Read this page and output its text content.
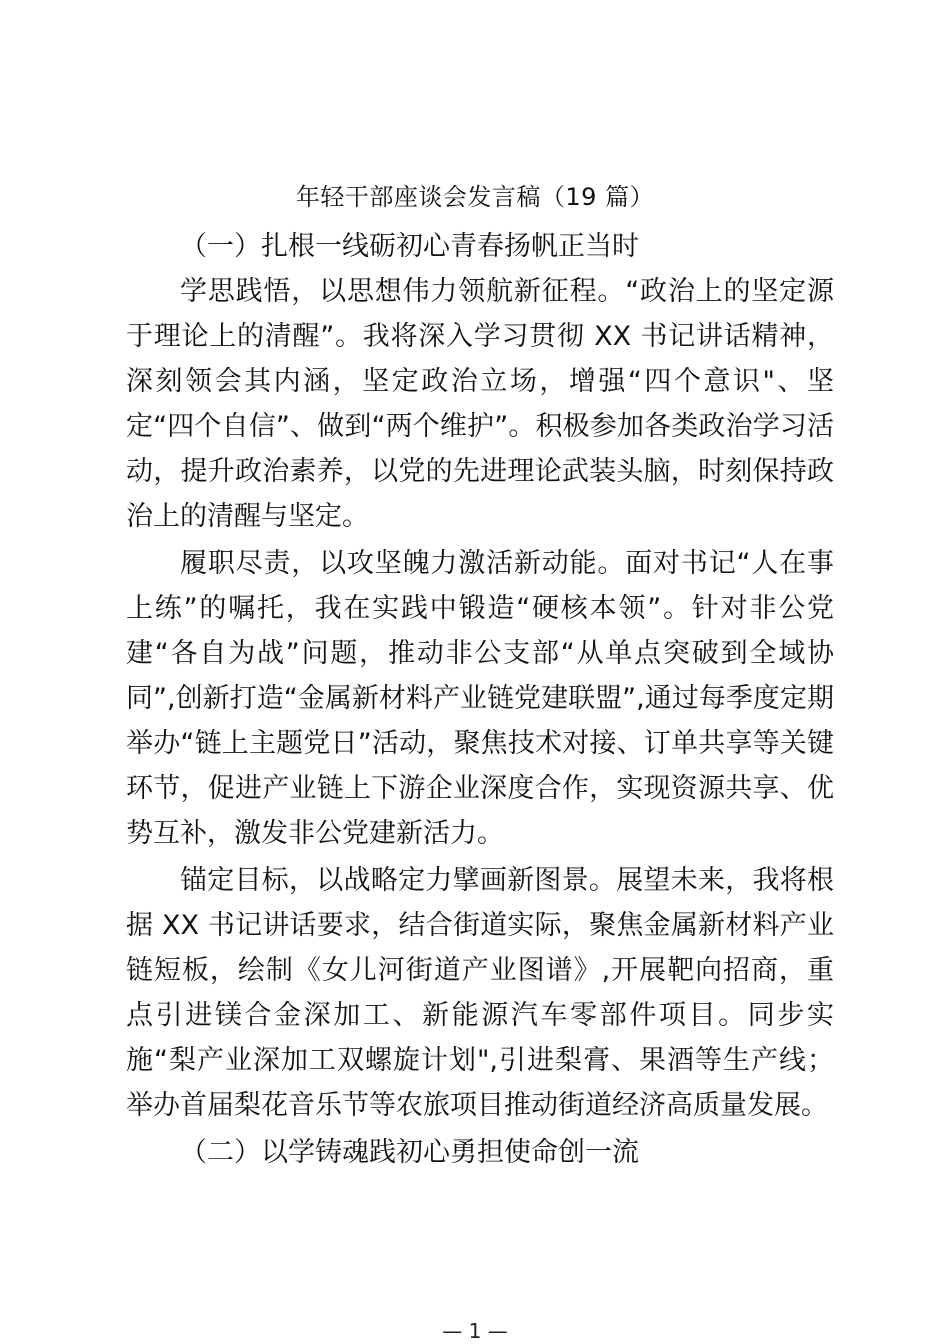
年轻干部座谈会发言稿（19 篇）

（一）扎根一线砺初心青春扬帆正当时

学思践悟，以思想伟力领航新征程。“政治上的坚定源于理论上的清醒”。我将深入学习贯彻 XX 书记讲话精神，深刻领会其内涵，坚定政治立场，增强“四个意识"、坚定“四个自信”、做到“两个维护”。积极参加各类政治学习活动，提升政治素养，以党的先进理论武装头脑，时刻保持政治上的清醒与坚定。

履职尽责，以攻坚魄力激活新动能。面对书记“人在事上练”的嘱托，我在实践中锻造“硬核本领”。针对非公党建“各自为战”问题，推动非公支部“从单点突破到全域协同”,创新打造“金属新材料产业链党建联盟”,通过每季度定期举办“链上主题党日”活动，聚焦技术对接、订单共享等关键环节，促进产业链上下游企业深度合作，实现资源共享、优势互补，激发非公党建新活力。

锚定目标，以战略定力擘画新图景。展望未来，我将根据 XX 书记讲话要求，结合街道实际，聚焦金属新材料产业链短板，绘制《女儿河街道产业图谱》,开展靶向招商，重点引进镁合金深加工、新能源汽车零部件项目。同步实施“梨产业深加工双螺旋计划",引进梨膏、果酒等生产线；举办首届梨花音乐节等农旅项目推动街道经济高质量发展。

（二）以学铸魂践初心勇担使命创一流

— 1 —
